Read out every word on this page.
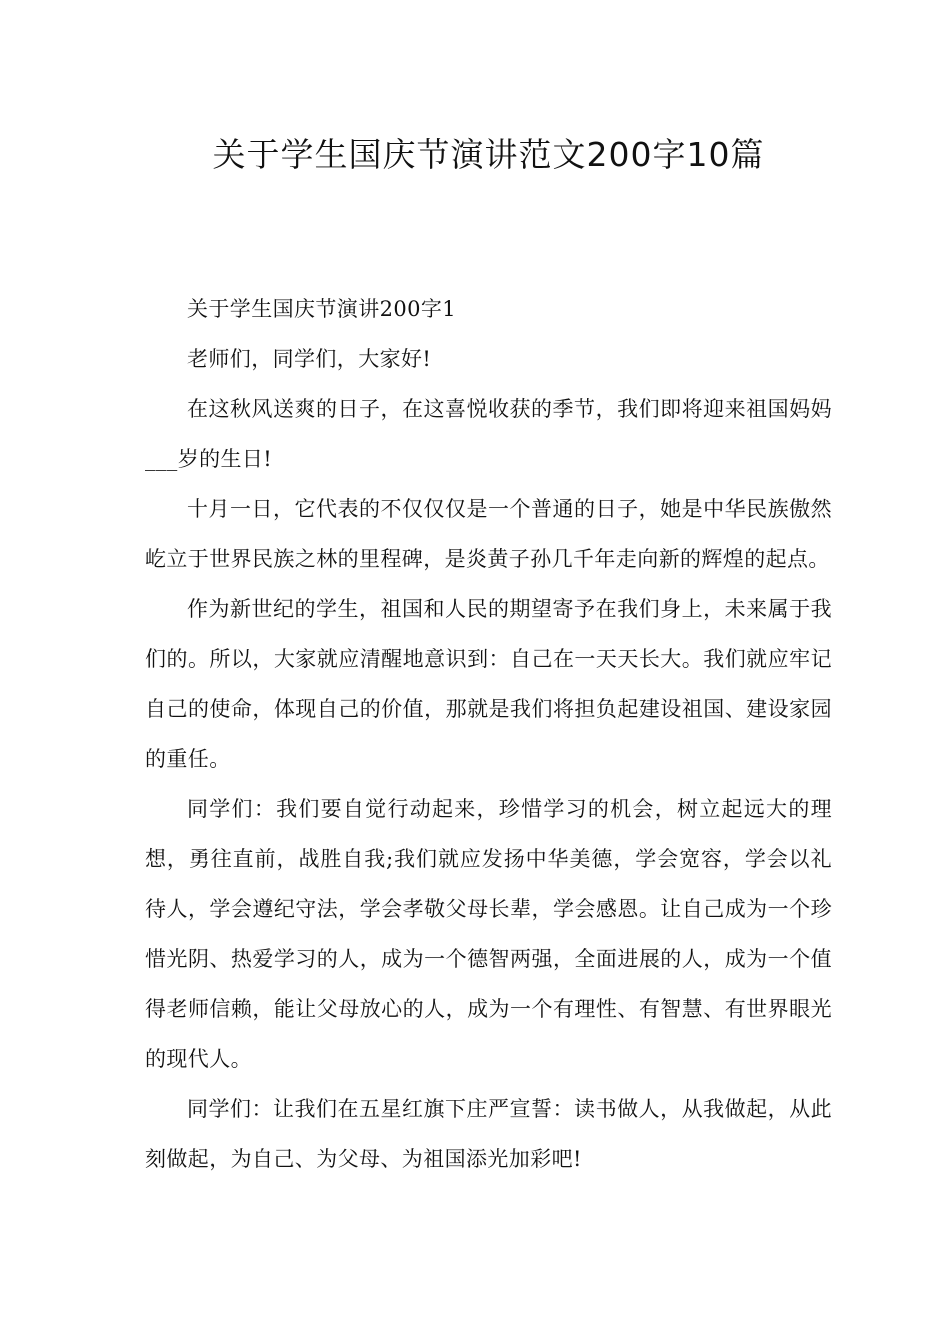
关于学生国庆节演讲范文200字10篇

关于学生国庆节演讲200字1

老师们，同学们，大家好!

在这秋风送爽的日子，在这喜悦收获的季节，我们即将迎来祖国妈妈___岁的生日!

十月一日，它代表的不仅仅仅是一个普通的日子，她是中华民族傲然屹立于世界民族之林的里程碑，是炎黄子孙几千年走向新的辉煌的起点。

作为新世纪的学生，祖国和人民的期望寄予在我们身上，未来属于我们的。所以，大家就应清醒地意识到：自己在一天天长大。我们就应牢记自己的使命，体现自己的价值，那就是我们将担负起建设祖国、建设家园的重任。

同学们：我们要自觉行动起来，珍惜学习的机会，树立起远大的理想，勇往直前，战胜自我;我们就应发扬中华美德，学会宽容，学会以礼待人，学会遵纪守法，学会孝敬父母长辈，学会感恩。让自己成为一个珍惜光阴、热爱学习的人，成为一个德智两强，全面进展的人，成为一个值得老师信赖，能让父母放心的人，成为一个有理性、有智慧、有世界眼光的现代人。

同学们：让我们在五星红旗下庄严宣誓：读书做人，从我做起，从此刻做起，为自己、为父母、为祖国添光加彩吧!
